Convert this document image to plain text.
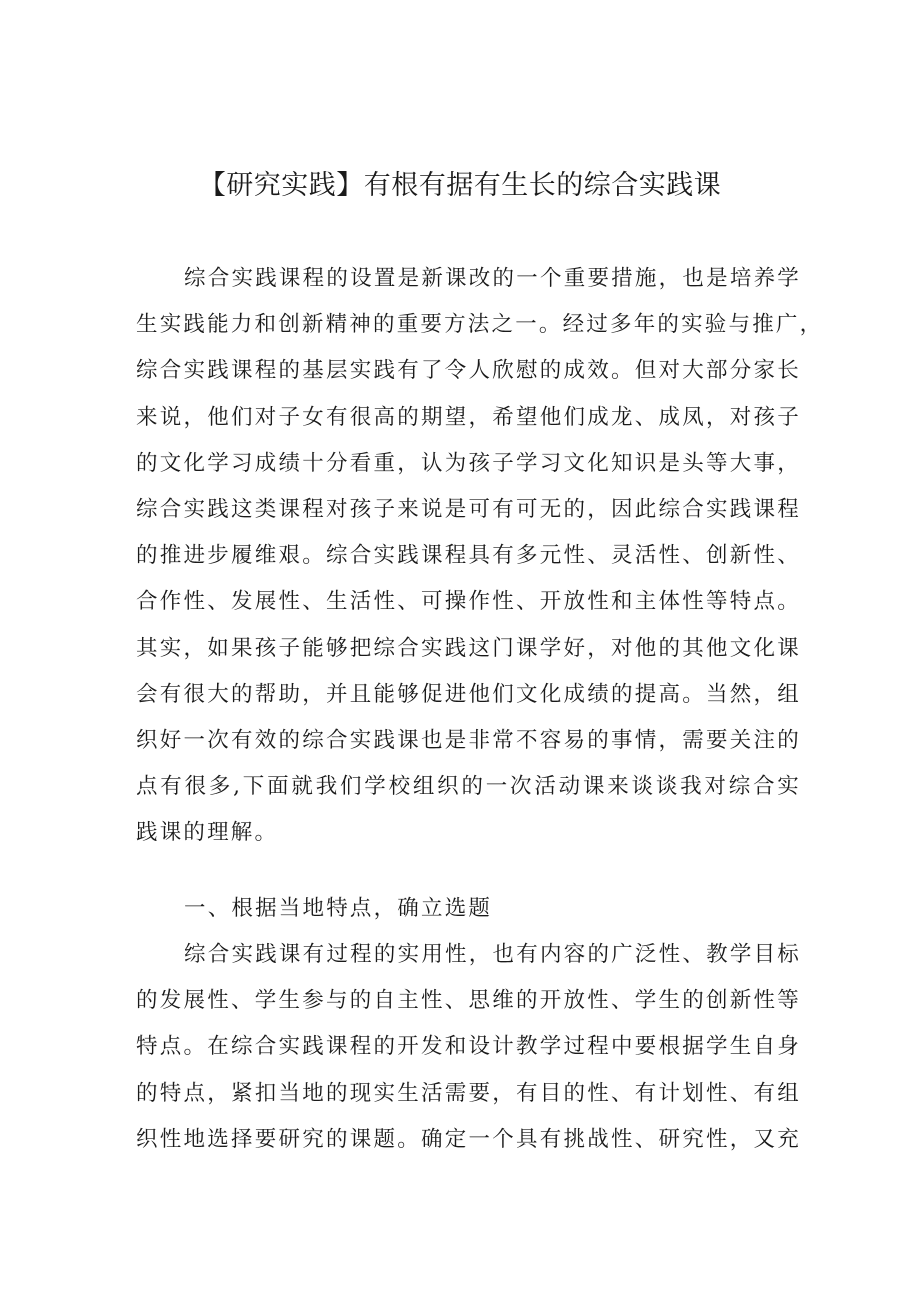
【研究实践】有根有据有生长的综合实践课
综合实践课程的设置是新课改的一个重要措施，也是培养学
生实践能力和创新精神的重要方法之一。经过多年的实验与推广，
综合实践课程的基层实践有了令人欣慰的成效。但对大部分家长
来说，他们对子女有很高的期望，希望他们成龙、成凤，对孩子
的文化学习成绩十分看重，认为孩子学习文化知识是头等大事，
综合实践这类课程对孩子来说是可有可无的，因此综合实践课程
的推进步履维艰。综合实践课程具有多元性、灵活性、创新性、
合作性、发展性、生活性、可操作性、开放性和主体性等特点。
其实，如果孩子能够把综合实践这门课学好，对他的其他文化课
会有很大的帮助，并且能够促进他们文化成绩的提高。当然，组
织好一次有效的综合实践课也是非常不容易的事情，需要关注的
点有很多,下面就我们学校组织的一次活动课来谈谈我对综合实
践课的理解。
一、根据当地特点，确立选题
综合实践课有过程的实用性，也有内容的广泛性、教学目标
的发展性、学生参与的自主性、思维的开放性、学生的创新性等
特点。在综合实践课程的开发和设计教学过程中要根据学生自身
的特点，紧扣当地的现实生活需要，有目的性、有计划性、有组
织性地选择要研究的课题。确定一个具有挑战性、研究性，又充
